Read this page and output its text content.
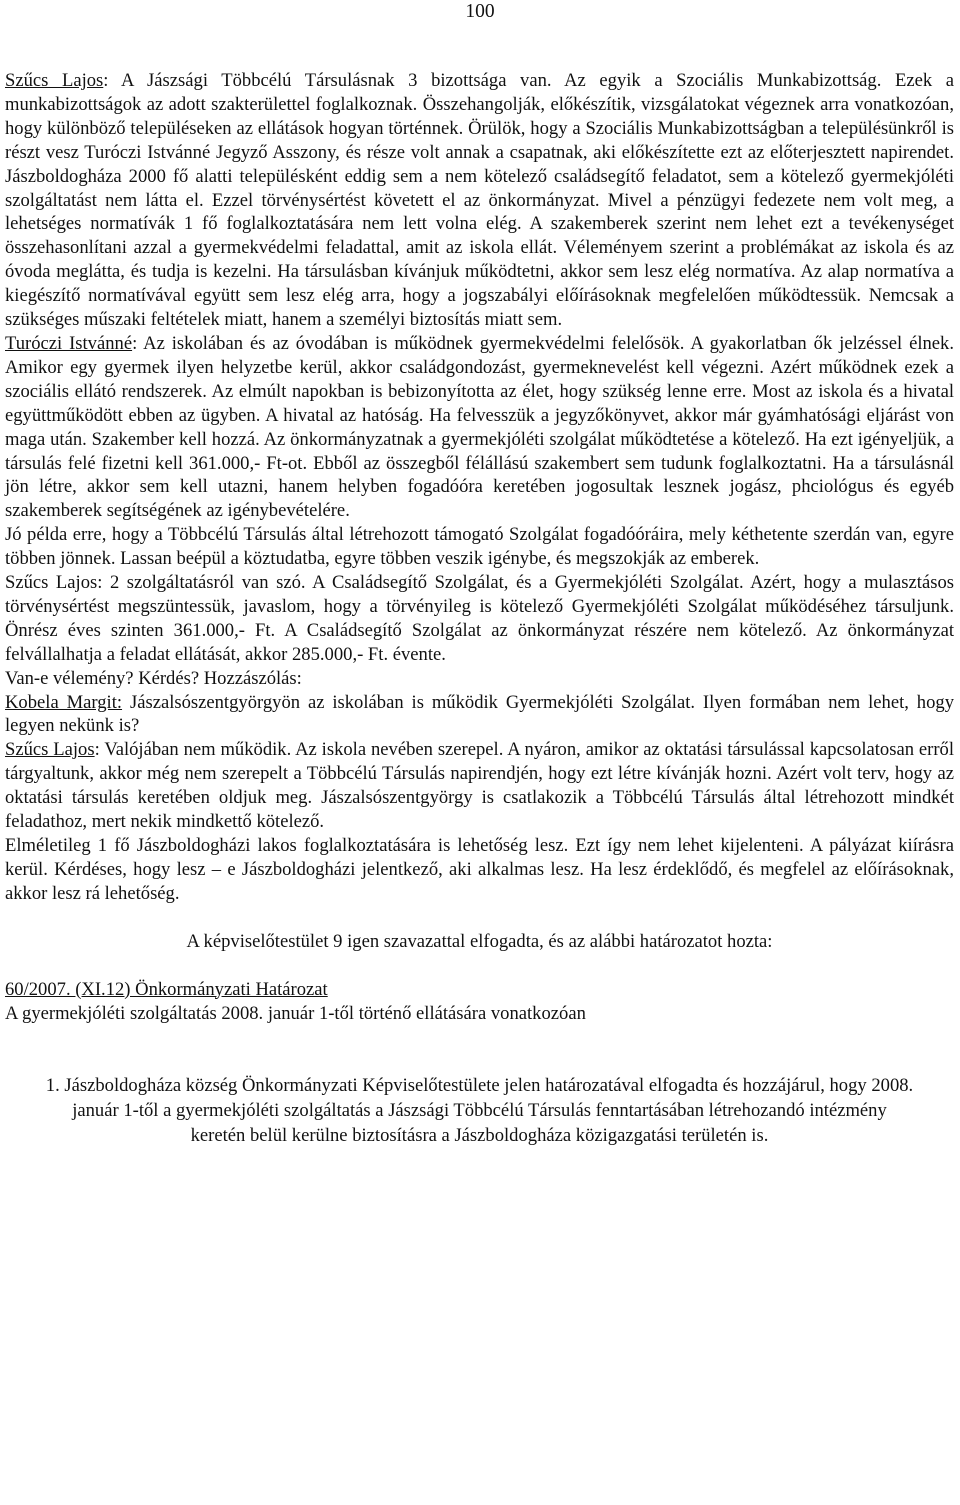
100

Szűcs Lajos: A Jászsági Többcélú Társulásnak 3 bizottsága van. Az egyik a Szociális Munkabizottság. Ezek a munkabizottságok az adott szakterülettel foglalkoznak. Összehangolják, előkészítik, vizsgálatokat végeznek arra vonatkozóan, hogy különböző településeken az ellátások hogyan történnek. Örülök, hogy a Szociális Munkabizottságban a településünkről is részt vesz Turóczi Istvánné Jegyző Asszony, és része volt annak a csapatnak, aki előkészítette ezt az előterjesztett napirendet. Jászboldogháza 2000 fő alatti településként eddig sem a nem kötelező családsegítő feladatot, sem a kötelező gyermekjóléti szolgáltatást nem látta el. Ezzel törvénysértést követett el az önkormányzat. Mivel a pénzügyi fedezete nem volt meg, a lehetséges normatívák 1 fő foglalkoztatására nem lett volna elég. A szakemberek szerint nem lehet ezt a tevékenységet összehasonlítani azzal a gyermekvédelmi feladattal, amit az iskola ellát. Véleményem szerint a problémákat az iskola és az óvoda meglátta, és tudja is kezelni. Ha társulásban kívánjuk működtetni, akkor sem lesz elég normatíva. Az alap normatíva a kiegészítő normatívával együtt sem lesz elég arra, hogy a jogszabályi előírásoknak megfelelően működtessük. Nemcsak a szükséges műszaki feltételek miatt, hanem a személyi biztosítás miatt sem.

Turóczi Istvánné: Az iskolában és az óvodában is működnek gyermekvédelmi felelősök. A gyakorlatban ők jelzéssel élnek. Amikor egy gyermek ilyen helyzetbe kerül, akkor családgondozást, gyermeknevelést kell végezni. Azért működnek ezek a szociális ellátó rendszerek. Az elmúlt napokban is bebizonyította az élet, hogy szükség lenne erre. Most az iskola és a hivatal együttműködött ebben az ügyben. A hivatal az hatóság. Ha felvesszük a jegyzőkönyvet, akkor már gyámhatósági eljárást von maga után. Szakember kell hozzá. Az önkormányzatnak a gyermekjóléti szolgálat működtetése a kötelező. Ha ezt igényeljük, a társulás felé fizetni kell 361.000,- Ft-ot. Ebből az összegből félállású szakembert sem tudunk foglalkoztatni. Ha a társulásnál jön létre, akkor sem kell utazni, hanem helyben fogadóóra keretében jogosultak lesznek jogász, phciológus és egyéb szakemberek segítségének az igénybevételére.

Jó példa erre, hogy a Többcélú Társulás által létrehozott támogató Szolgálat fogadóóráira, mely kéthetente szerdán van, egyre többen jönnek. Lassan beépül a köztudatba, egyre többen veszik igénybe, és megszokják az emberek.

Szűcs Lajos: 2 szolgáltatásról van szó. A Családsegítő Szolgálat, és a Gyermekjóléti Szolgálat. Azért, hogy a mulasztásos törvénysértést megszüntessük, javaslom, hogy a törvényileg is kötelező Gyermekjóléti Szolgálat működéséhez társuljunk. Önrész éves szinten 361.000,- Ft. A Családsegítő Szolgálat az önkormányzat részére nem kötelező. Az önkormányzat felvállalhatja a feladat ellátását, akkor 285.000,- Ft. évente.

Van-e vélemény? Kérdés? Hozzászólás:

Kobela Margit: Jászalsószentgyörgyön az iskolában is működik Gyermekjóléti Szolgálat. Ilyen formában nem lehet, hogy legyen nekünk is?

Szűcs Lajos: Valójában nem működik. Az iskola nevében szerepel. A nyáron, amikor az oktatási társulással kapcsolatosan erről tárgyaltunk, akkor még nem szerepelt a Többcélú Társulás napirendjén, hogy ezt létre kívánják hozni. Azért volt terv, hogy az oktatási társulás keretében oldjuk meg. Jászalsószentgyörgy is csatlakozik a Többcélú Társulás által létrehozott mindkét feladathoz, mert nekik mindkettő kötelező.

Elméletileg 1 fő Jászboldogházi lakos foglalkoztatására is lehetőség lesz. Ezt így nem lehet kijelenteni. A pályázat kiírásra kerül. Kérdéses, hogy lesz – e Jászboldogházi jelentkező, aki alkalmas lesz. Ha lesz érdeklődő, és megfelel az előírásoknak, akkor lesz rá lehetőség.

A képviselőtestület 9 igen szavazattal elfogadta, és az alábbi határozatot hozta:

60/2007. (XI.12) Önkormányzati Határozat

A gyermekjóléti szolgáltatás 2008. január 1-től történő ellátására vonatkozóan

1. Jászboldogháza község Önkormányzati Képviselőtestülete jelen határozatával elfogadta és hozzájárul, hogy 2008. január 1-től a gyermekjóléti szolgáltatás a Jászsági Többcélú Társulás fenntartásában létrehozandó intézmény keretén belül kerülne biztosításra a Jászboldogháza közigazgatási területén is.
